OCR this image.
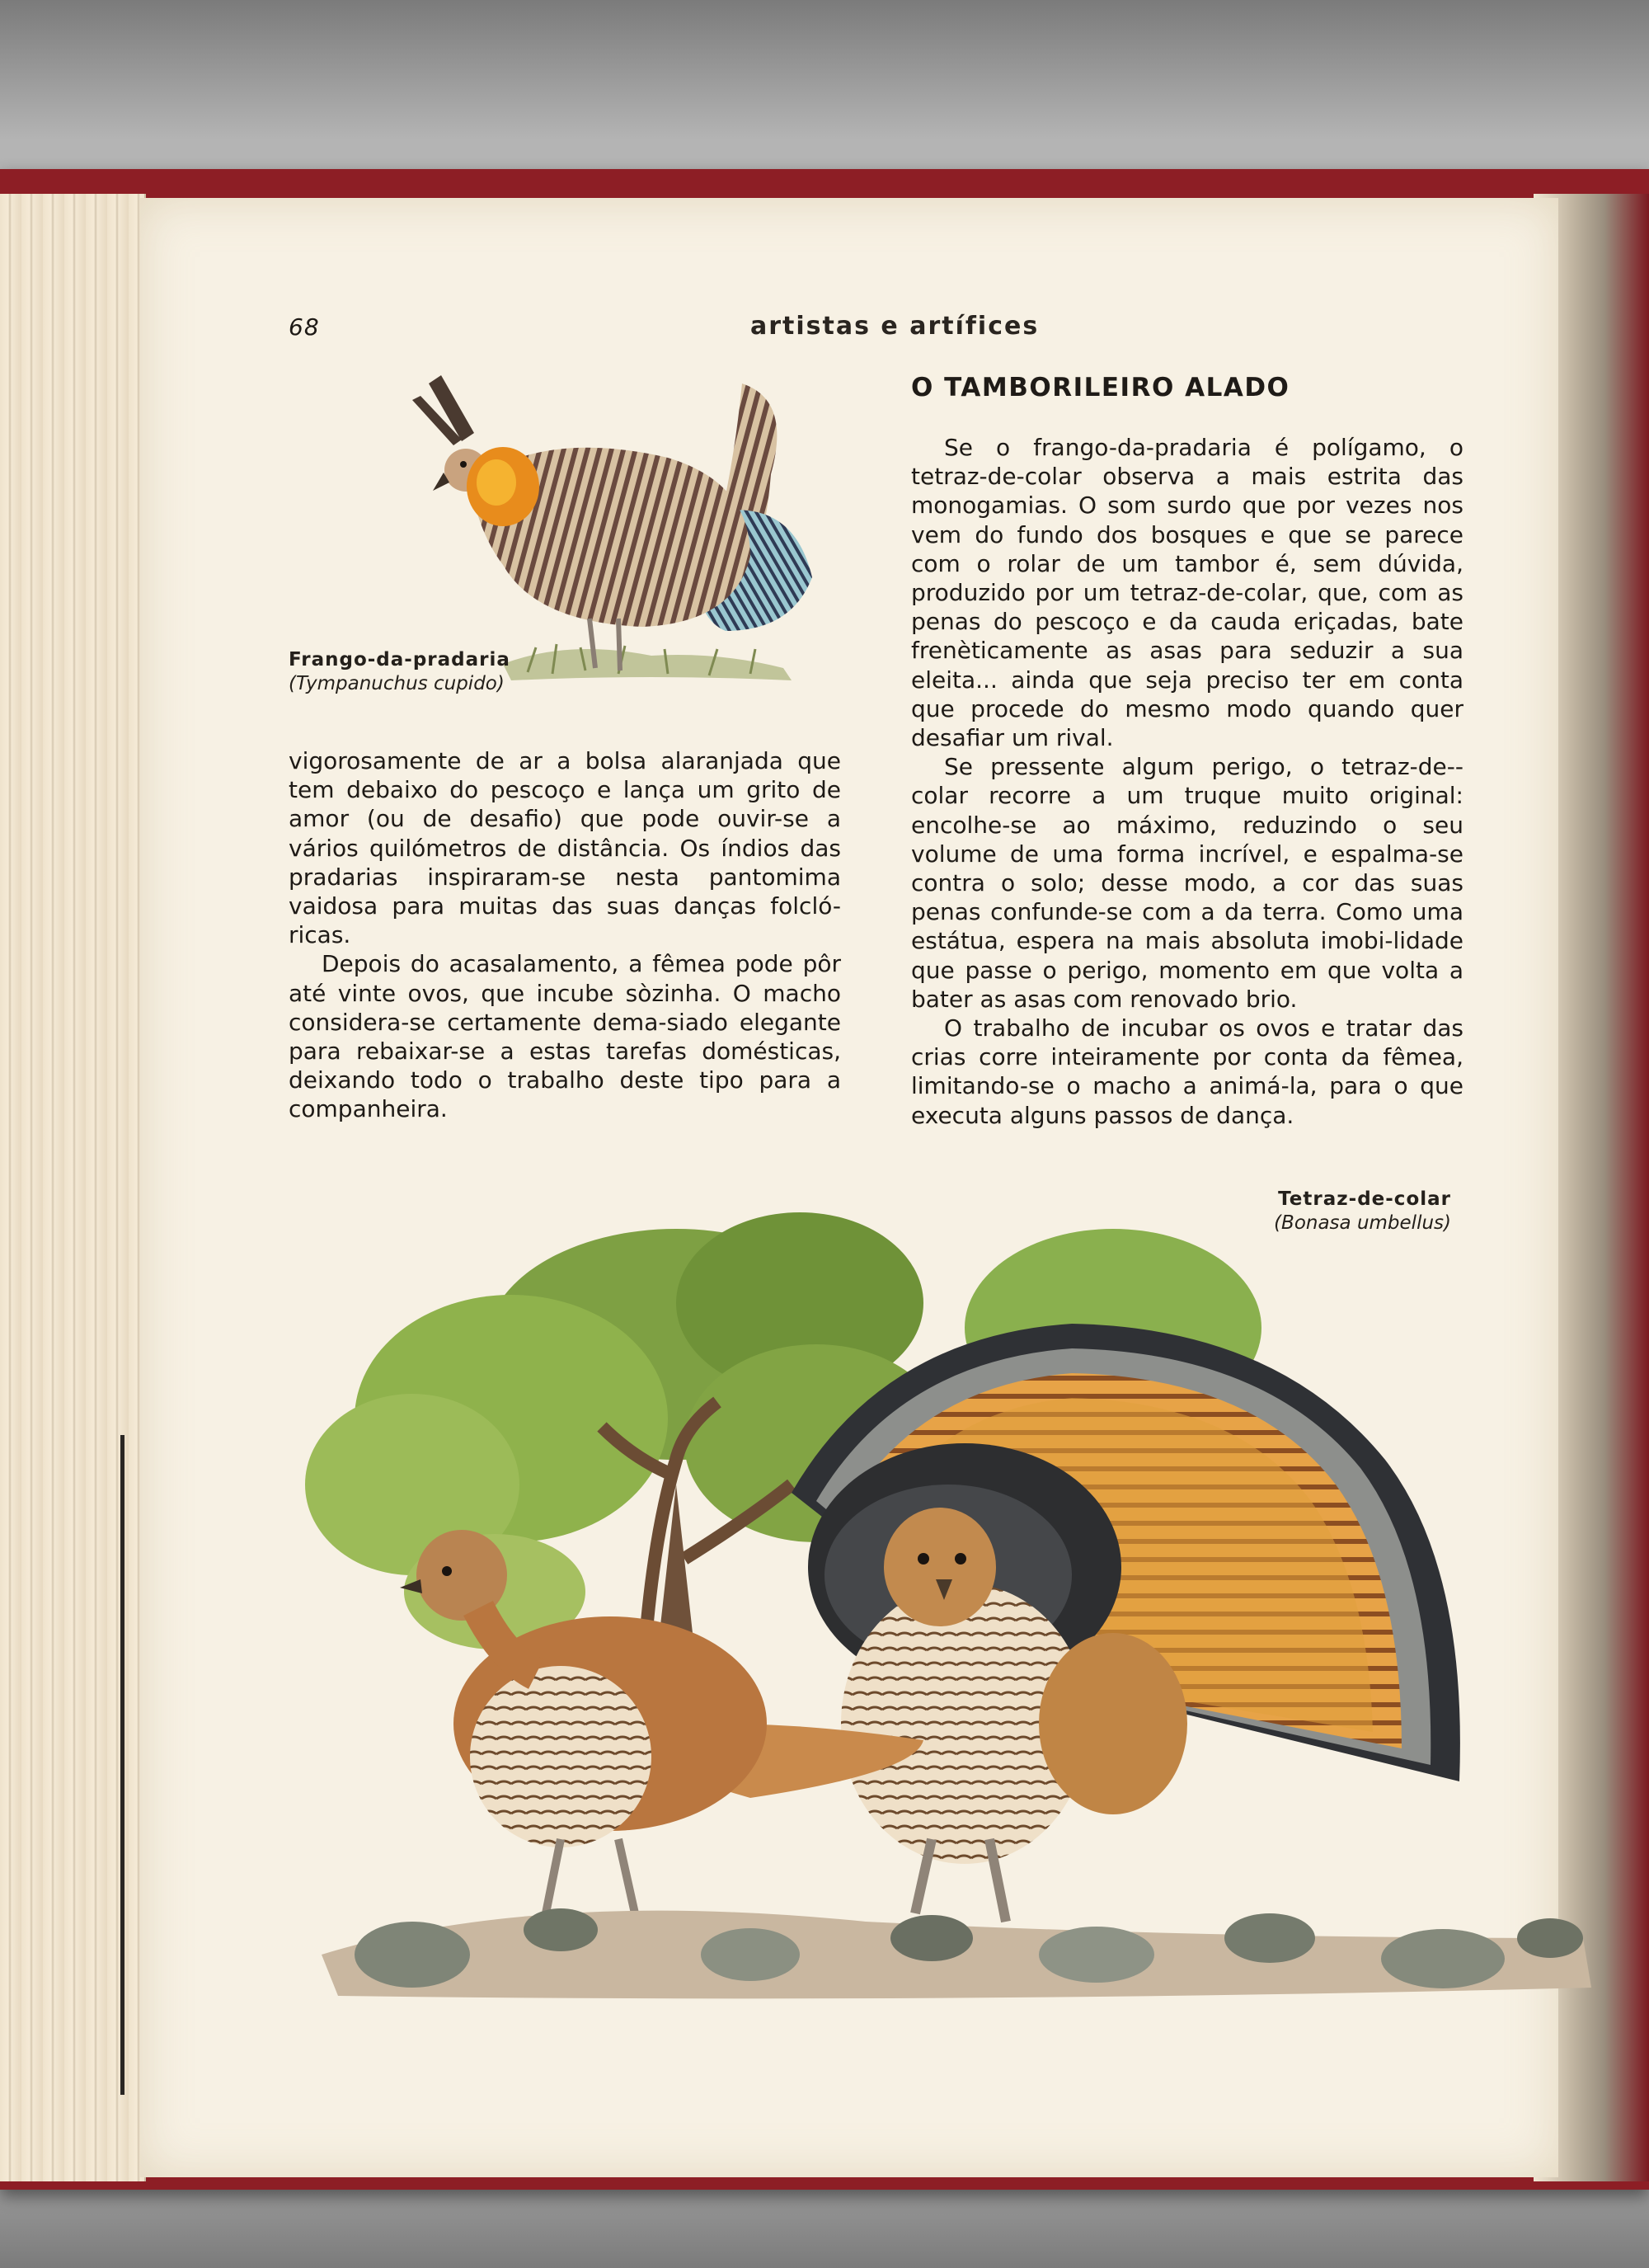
68	artistas e artífices
O TAMBORILEIRO ALADO
Frango-da-pradaria
(Tympanuchus cupido)

vigorosamente de ar a bolsa alaranjada que tem debaixo do pescoço e lança um grito de amor (ou de desafio) que pode ouvir-se a vários quilómetros de distância. Os índios das pradarias inspiraram-se nesta pantomima vaidosa para muitas das suas danças folcló-ricas.

Depois do acasalamento, a fêmea pode pôr até vinte ovos, que incube sòzinha. O macho considera-se certamente dema-siado elegante para rebaixar-se a estas tarefas domésticas, deixando todo o trabalho deste tipo para a companheira.

Se o frango-da-pradaria é polígamo, o tetraz-de-colar observa a mais estrita das monogamias. O som surdo que por vezes nos vem do fundo dos bosques e que se parece com o rolar de um tambor é, sem dúvida, produzido por um tetraz-de-colar, que, com as penas do pescoço e da cauda eriçadas, bate frenèticamente as asas para seduzir a sua eleita... ainda que seja preciso ter em conta que procede do mesmo modo quando quer desafiar um rival.

Se pressente algum perigo, o tetraz-de--colar recorre a um truque muito original: encolhe-se ao máximo, reduzindo o seu volume de uma forma incrível, e espalma-se contra o solo; desse modo, a cor das suas penas confunde-se com a da terra. Como uma estátua, espera na mais absoluta imobi-lidade que passe o perigo, momento em que volta a bater as asas com renovado brio.

O trabalho de incubar os ovos e tratar das crias corre inteiramente por conta da fêmea, limitando-se o macho a animá-la, para o que executa alguns passos de dança.

Tetraz-de-colar
(Bonasa umbellus)
